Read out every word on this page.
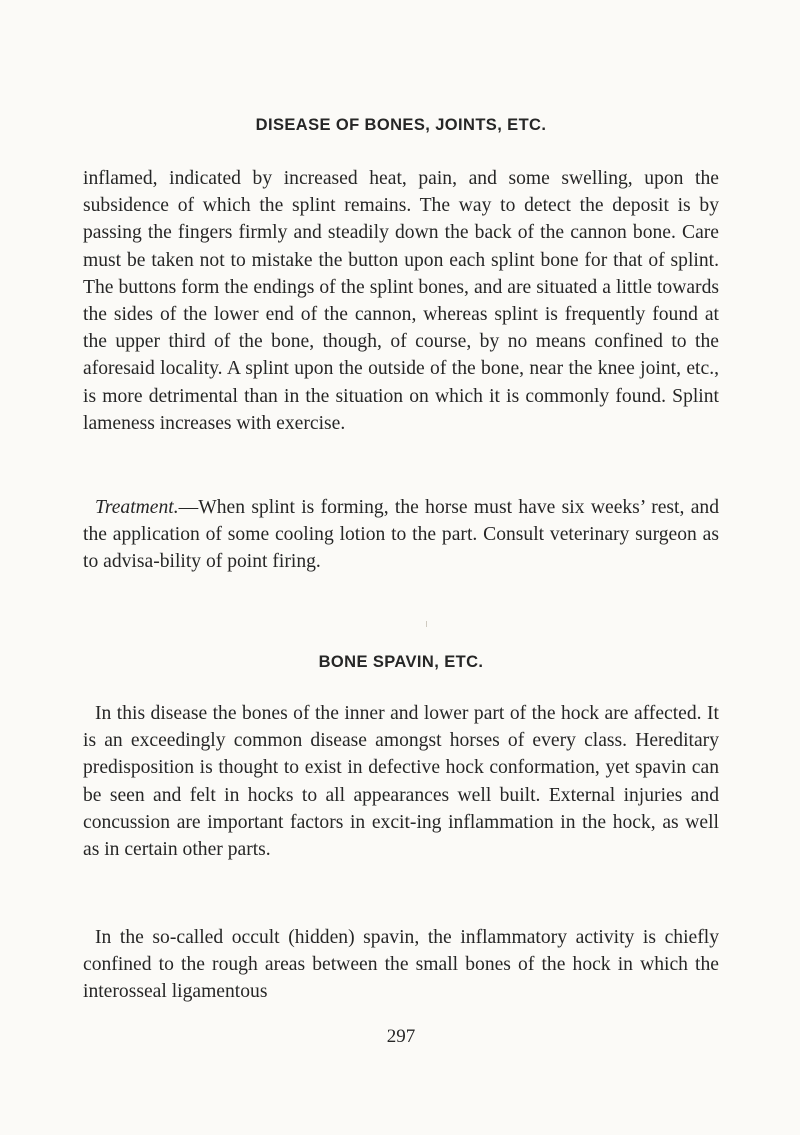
DISEASE OF BONES, JOINTS, ETC.

inflamed, indicated by increased heat, pain, and some swelling, upon the subsidence of which the splint remains. The way to detect the deposit is by passing the fingers firmly and steadily down the back of the cannon bone. Care must be taken not to mistake the button upon each splint bone for that of splint. The buttons form the endings of the splint bones, and are situated a little towards the sides of the lower end of the cannon, whereas splint is frequently found at the upper third of the bone, though, of course, by no means confined to the aforesaid locality. A splint upon the outside of the bone, near the knee joint, etc., is more detrimental than in the situation on which it is commonly found. Splint lameness increases with exercise.

Treatment.—When splint is forming, the horse must have six weeks’ rest, and the application of some cooling lotion to the part. Consult veterinary surgeon as to advisa-bility of point firing.

BONE SPAVIN, ETC.

In this disease the bones of the inner and lower part of the hock are affected. It is an exceedingly common disease amongst horses of every class. Hereditary predisposition is thought to exist in defective hock conformation, yet spavin can be seen and felt in hocks to all appearances well built. External injuries and concussion are important factors in excit-ing inflammation in the hock, as well as in certain other parts.

In the so-called occult (hidden) spavin, the inflammatory activity is chiefly confined to the rough areas between the small bones of the hock in which the interosseal ligamentous

297
